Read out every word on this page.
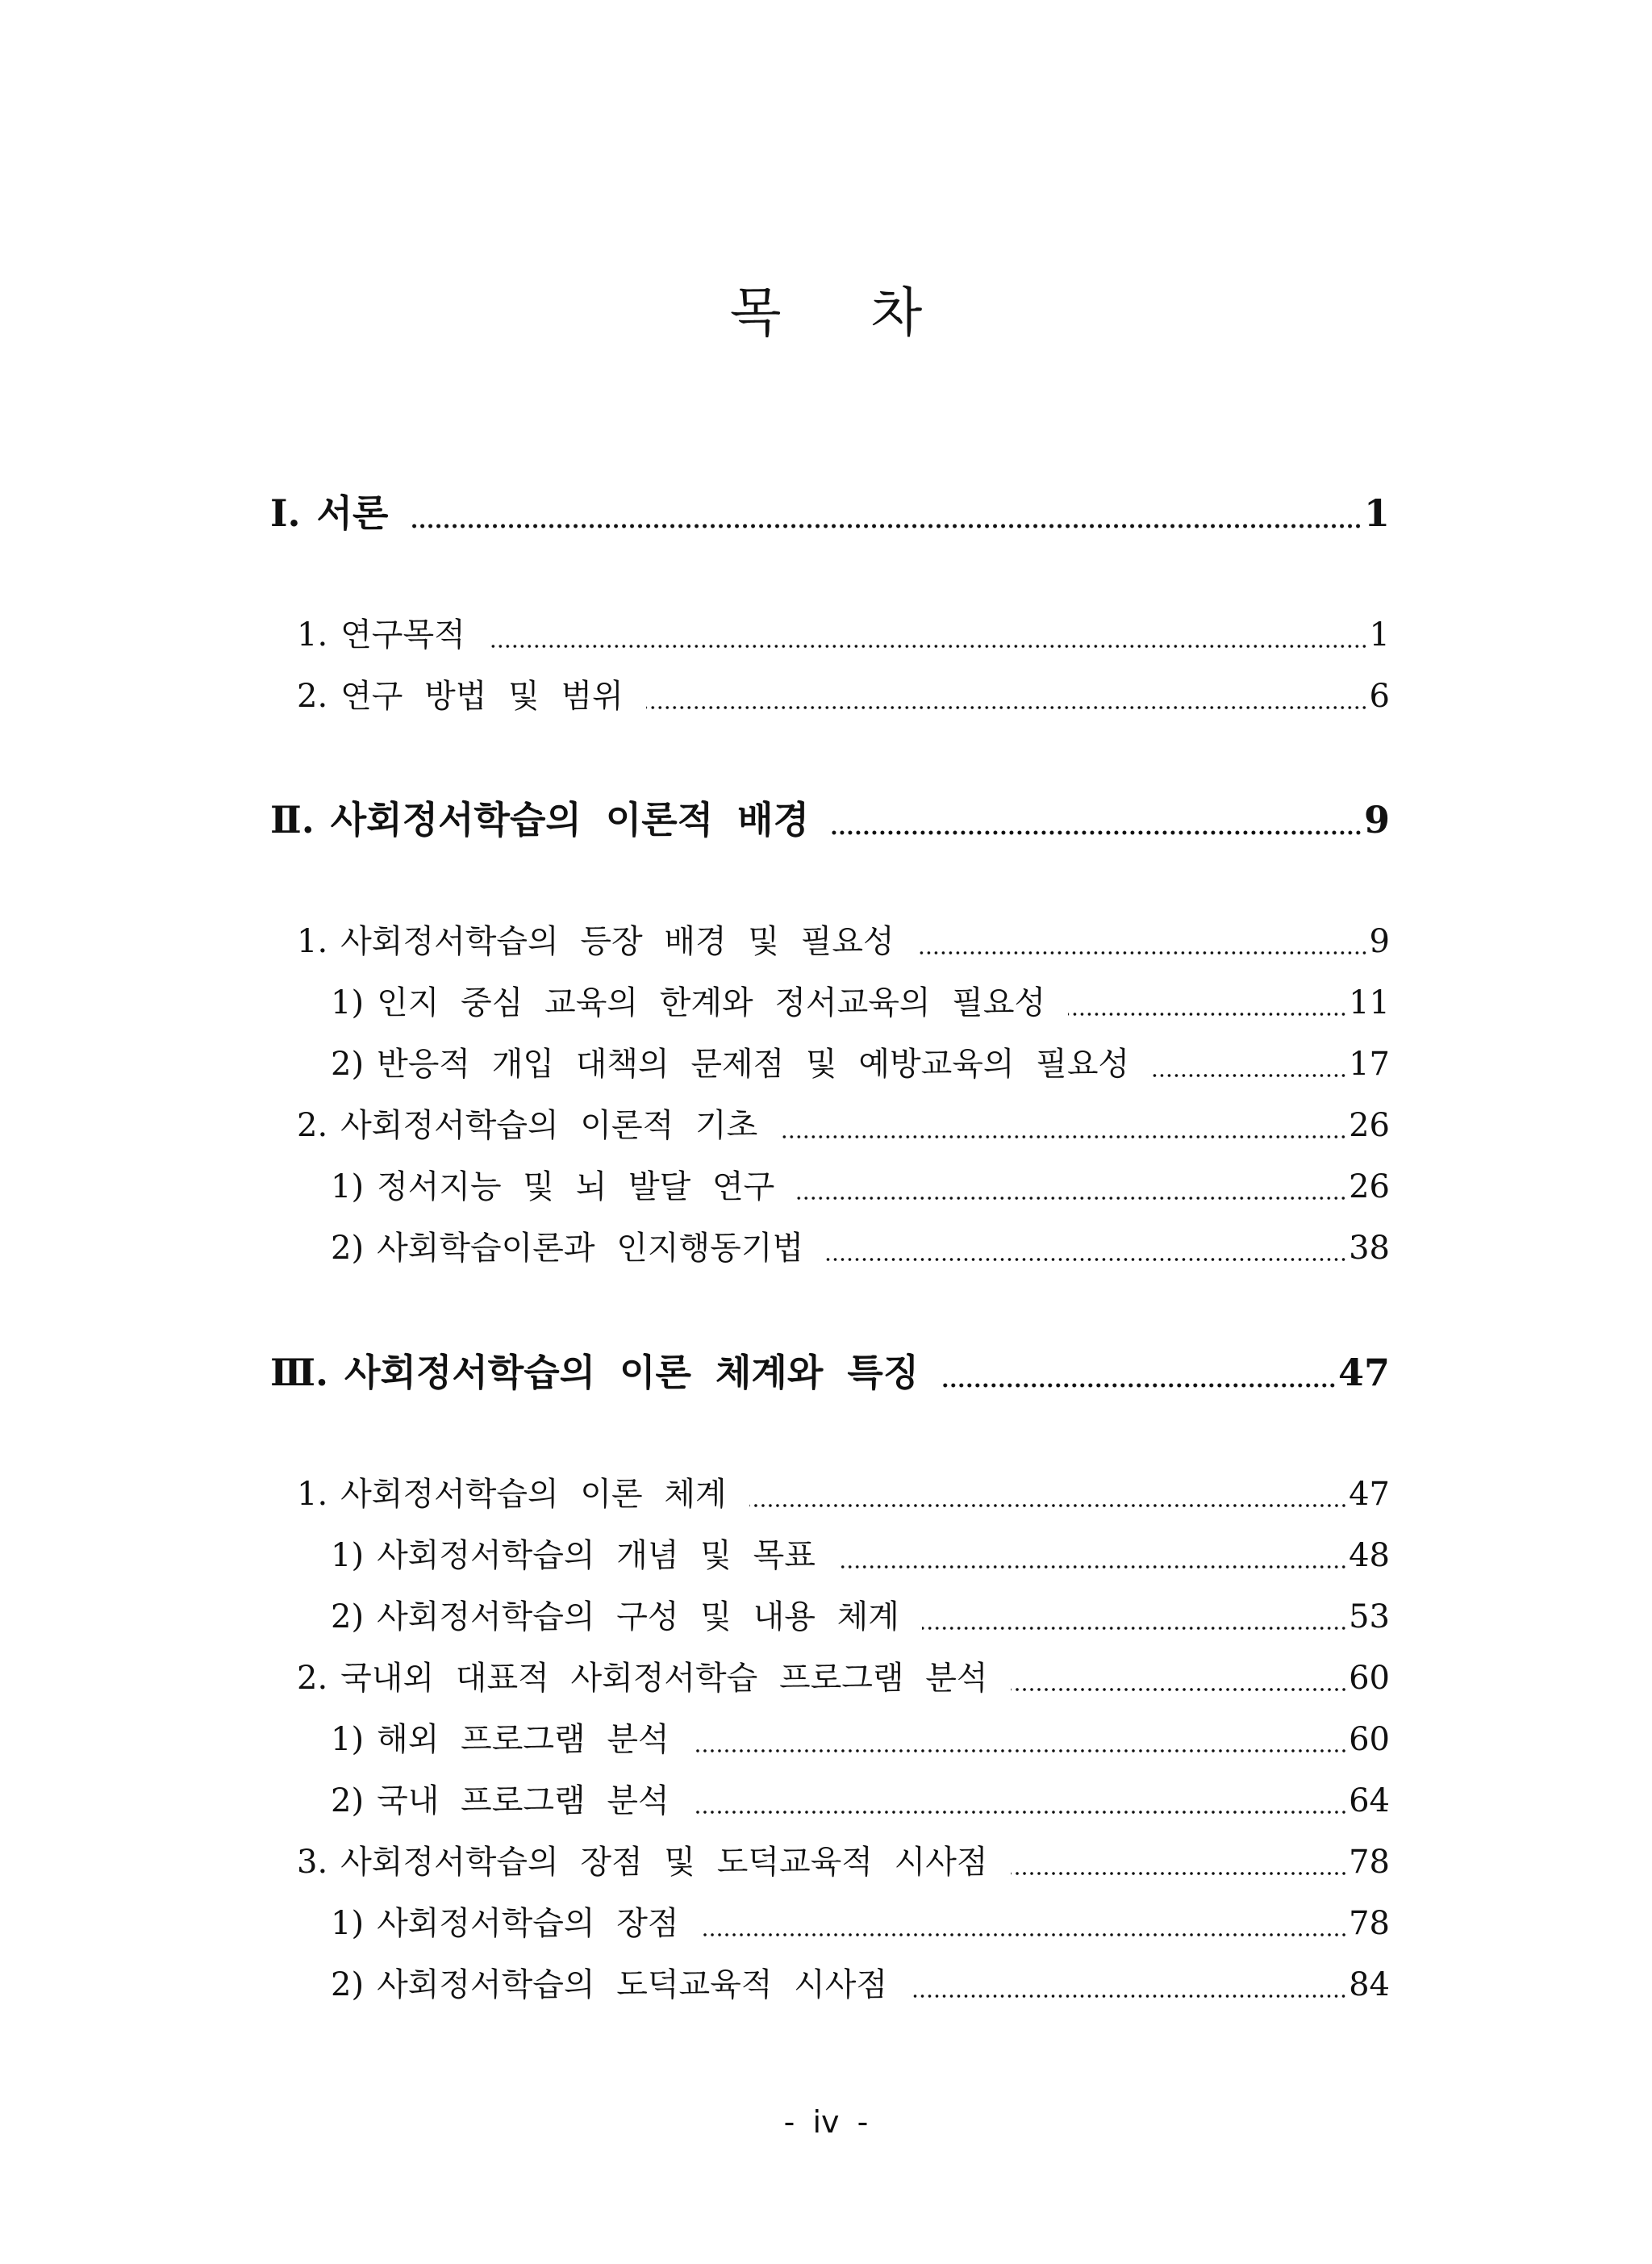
목 차
Ⅰ. 서론	1
1. 연구목적	1
2. 연구 방법 및 범위	6
Ⅱ. 사회정서학습의 이론적 배경	9
1. 사회정서학습의 등장 배경 및 필요성	9
1) 인지 중심 교육의 한계와 정서교육의 필요성	11
2) 반응적 개입 대책의 문제점 및 예방교육의 필요성	17
2. 사회정서학습의 이론적 기초	26
1) 정서지능 및 뇌 발달 연구	26
2) 사회학습이론과 인지행동기법	38
Ⅲ. 사회정서학습의 이론 체계와 특징	47
1. 사회정서학습의 이론 체계	47
1) 사회정서학습의 개념 및 목표	48
2) 사회정서학습의 구성 및 내용 체계	53
2. 국내외 대표적 사회정서학습 프로그램 분석	60
1) 해외 프로그램 분석	60
2) 국내 프로그램 분석	64
3. 사회정서학습의 장점 및 도덕교육적 시사점	78
1) 사회정서학습의 장점	78
2) 사회정서학습의 도덕교육적 시사점	84
- iv -
